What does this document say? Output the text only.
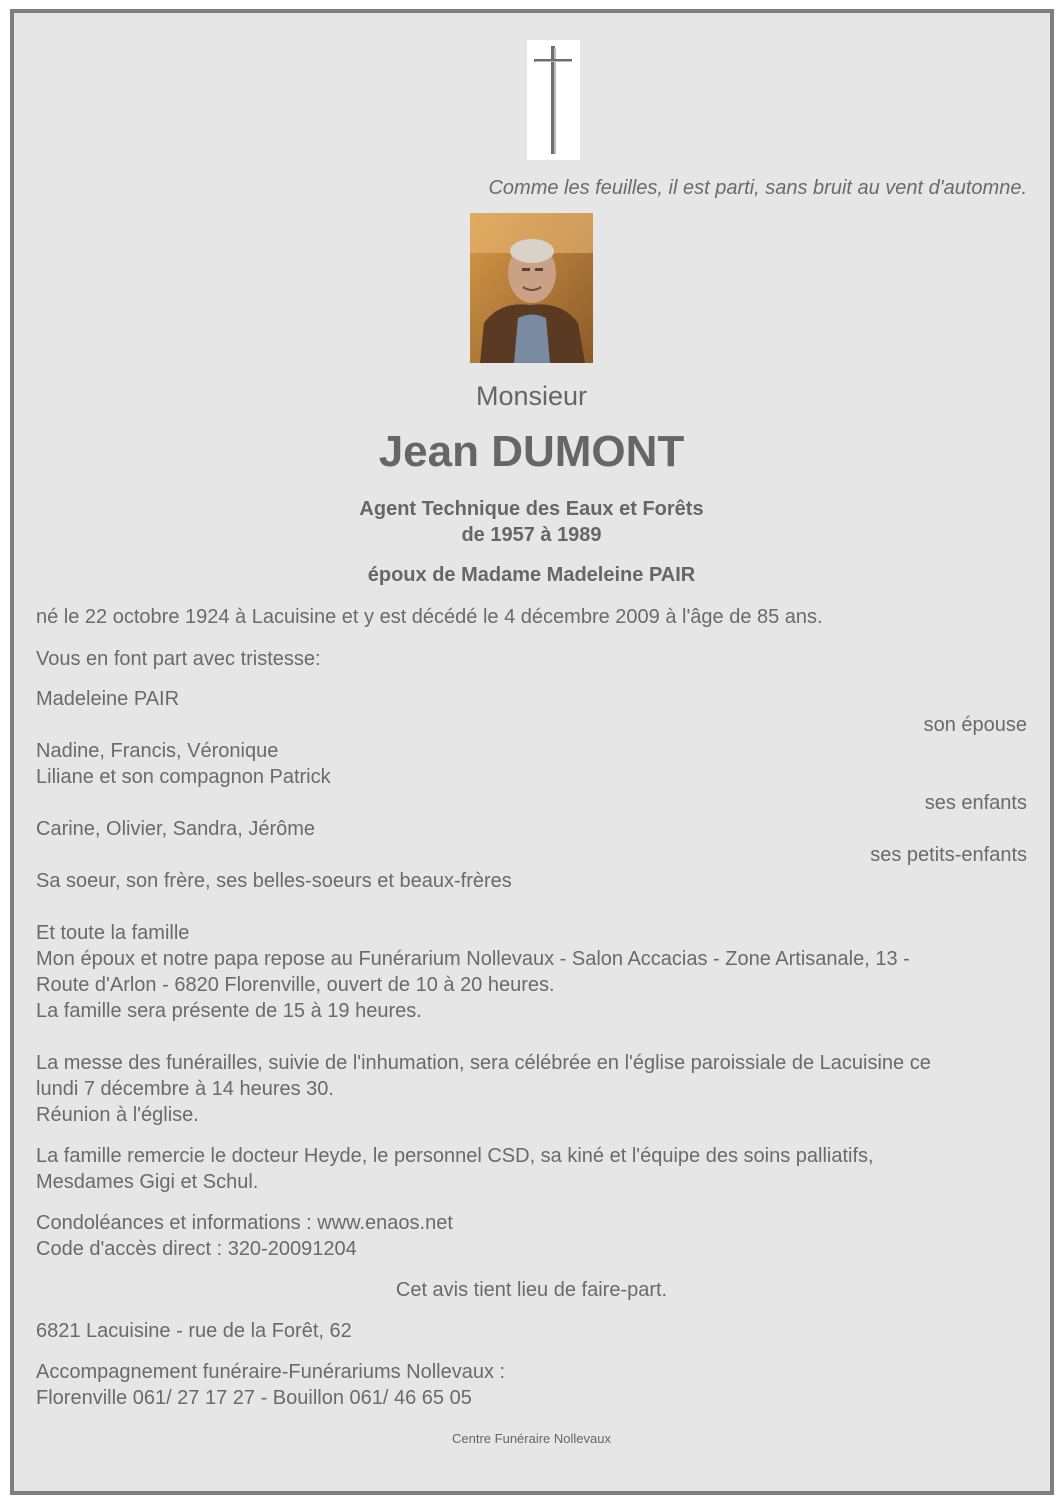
Comme les feuilles, il est parti, sans bruit au vent d'automne.
Monsieur
Jean DUMONT
Agent Technique des Eaux et Forêts
de 1957 à 1989
époux de Madame Madeleine PAIR
né le 22 octobre 1924 à Lacuisine et y est décédé le 4 décembre 2009 à l'âge de 85 ans.
Vous en font part avec tristesse:
Madeleine PAIR
son épouse
Nadine, Francis, Véronique
Liliane et son compagnon Patrick
ses enfants
Carine, Olivier, Sandra, Jérôme
ses petits-enfants
Sa soeur, son frère, ses belles-soeurs et beaux-frères
Et toute la famille
Mon époux et notre papa repose au Funérarium Nollevaux - Salon Accacias - Zone Artisanale, 13 -
Route d'Arlon - 6820 Florenville, ouvert de 10 à 20 heures.
La famille sera présente de 15 à 19 heures.
La messe des funérailles, suivie de l'inhumation, sera célébrée en l'église paroissiale de Lacuisine ce
lundi 7 décembre à 14 heures 30.
Réunion à l'église.
La famille remercie le docteur Heyde, le personnel CSD, sa kiné et l'équipe des soins palliatifs,
Mesdames Gigi et Schul.
Condoléances et informations : www.enaos.net
Code d'accès direct : 320-20091204
Cet avis tient lieu de faire-part.
6821 Lacuisine - rue de la Forêt, 62
Accompagnement funéraire-Funérariums Nollevaux :
Florenville 061/ 27 17 27 - Bouillon 061/ 46 65 05
Centre Funéraire Nollevaux
